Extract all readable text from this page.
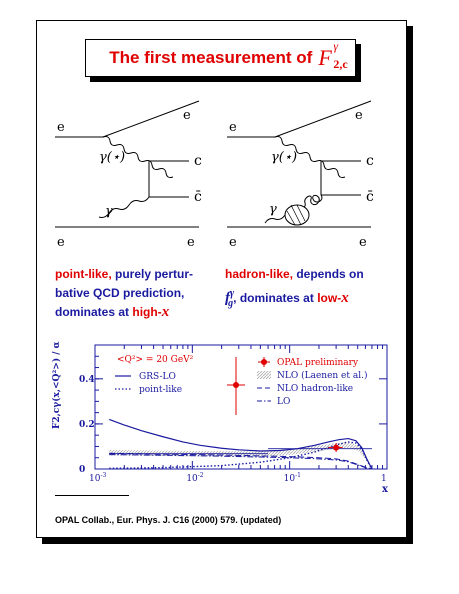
The first measurement of F γ
2,c
e
e
e	e
γ(⋆)
γ
c
c̄
e
e
e	e
γ(⋆)
γ
c
c̄
point-like, purely pertur-
bative QCD prediction,
dominates at high-x
hadron-like, depends on
$f^\gamma_g$, dominates at low-x
F2,cγ(x,<Q²>) / α
x
<Q²> = 20 GeV²
GRS-LO
point-like
OPAL preliminary
NLO (Laenen et al.)
NLO hadron-like
LO
$10^{-3}$	$10^{-2}$	$10^{-1}$	1
0
0.2
0.4
OPAL Collab., Eur. Phys. J. C16 (2000) 579. (updated)
